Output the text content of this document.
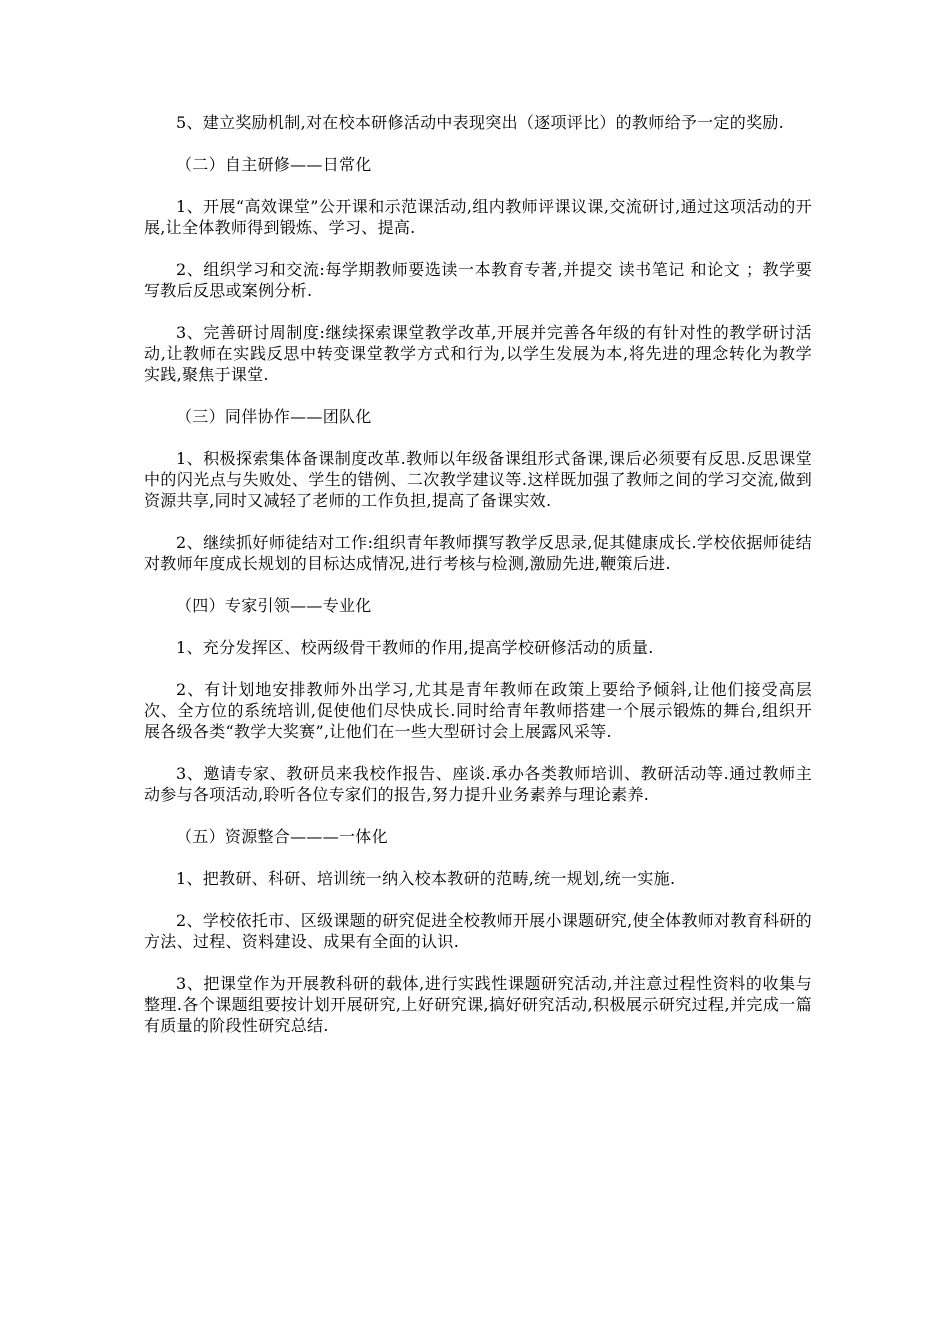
5、建立奖励机制,对在校本研修活动中表现突出（逐项评比）的教师给予一定的奖励.

（二）自主研修——日常化

1、开展“高效课堂”公开课和示范课活动,组内教师评课议课,交流研讨,通过这项活动的开展,让全体教师得到锻炼、学习、提高.

2、组织学习和交流:每学期教师要选读一本教育专著,并提交 读书笔记 和论文 ；教学要写教后反思或案例分析.

3、完善研讨周制度:继续探索课堂教学改革,开展并完善各年级的有针对性的教学研讨活动,让教师在实践反思中转变课堂教学方式和行为,以学生发展为本,将先进的理念转化为教学实践,聚焦于课堂.

（三）同伴协作——团队化

1、积极探索集体备课制度改革.教师以年级备课组形式备课,课后必须要有反思.反思课堂中的闪光点与失败处、学生的错例、二次教学建议等.这样既加强了教师之间的学习交流,做到资源共享,同时又减轻了老师的工作负担,提高了备课实效.

2、继续抓好师徒结对工作:组织青年教师撰写教学反思录,促其健康成长.学校依据师徒结对教师年度成长规划的目标达成情况,进行考核与检测,激励先进,鞭策后进.

（四）专家引领——专业化

1、充分发挥区、校两级骨干教师的作用,提高学校研修活动的质量.

2、有计划地安排教师外出学习,尤其是青年教师在政策上要给予倾斜,让他们接受高层次、全方位的系统培训,促使他们尽快成长.同时给青年教师搭建一个展示锻炼的舞台,组织开展各级各类“教学大奖赛”,让他们在一些大型研讨会上展露风采等.

3、邀请专家、教研员来我校作报告、座谈.承办各类教师培训、教研活动等.通过教师主动参与各项活动,聆听各位专家们的报告,努力提升业务素养与理论素养.

（五）资源整合———一体化

1、把教研、科研、培训统一纳入校本教研的范畴,统一规划,统一实施.

2、学校依托市、区级课题的研究促进全校教师开展小课题研究,使全体教师对教育科研的方法、过程、资料建设、成果有全面的认识.

3、把课堂作为开展教科研的载体,进行实践性课题研究活动,并注意过程性资料的收集与整理.各个课题组要按计划开展研究,上好研究课,搞好研究活动,积极展示研究过程,并完成一篇有质量的阶段性研究总结.
